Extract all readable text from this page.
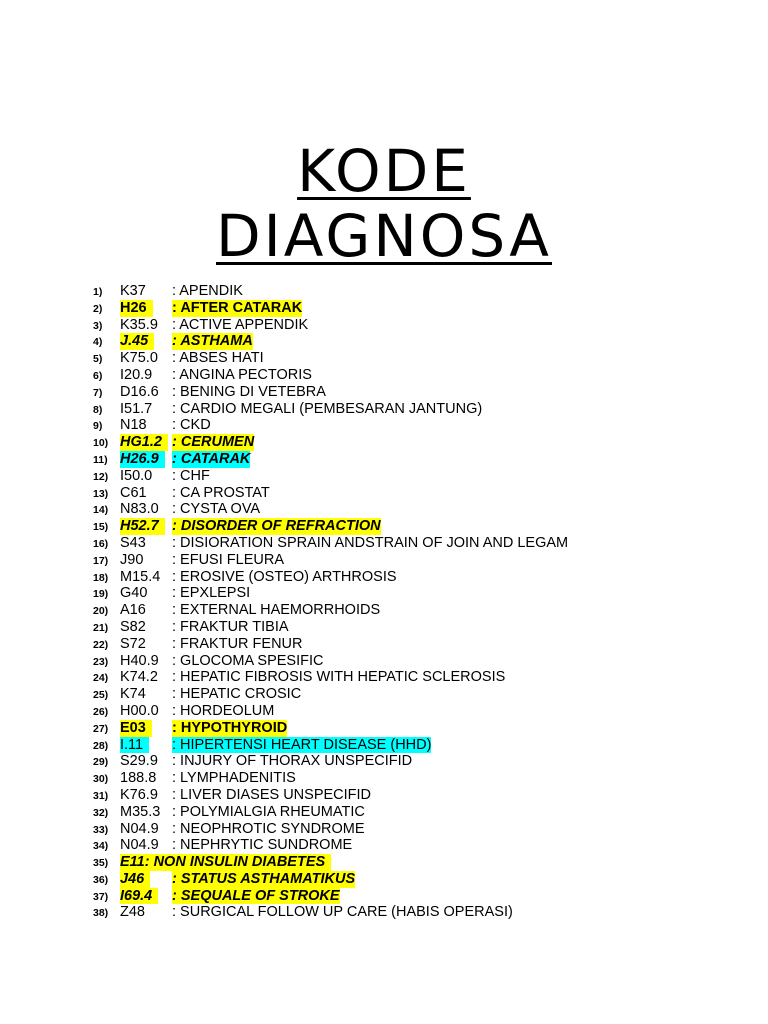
KODE
DIAGNOSA
1)	K37 : APENDIK
2)	H26	: AFTER CATARAK
3)	K35.9 : ACTIVE APPENDIK
4)	J.45	: ASTHAMA
5)	K75.0 : ABSES HATI
6)	I20.9 : ANGINA PECTORIS
7)	D16.6 : BENING DI VETEBRA
8)	I51.7 : CARDIO MEGALI (PEMBESARAN JANTUNG)
9)	N18 : CKD
10) HG1.2 : CERUMEN
11) H26.9 : CATARAK
12) I50.0 : CHF
13) C61 : CA PROSTAT
14) N83.0 : CYSTA OVA
15) H52.7 : DISORDER OF REFRACTION
16) S43 : DISIORATION SPRAIN ANDSTRAIN OF JOIN AND LEGAM
17) J90 : EFUSI FLEURA
18) M15.4 : EROSIVE (OSTEO) ARTHROSIS
19) G40 : EPXLEPSI
20) A16 : EXTERNAL HAEMORRHOIDS
21) S82 : FRAKTUR TIBIA
22) S72 : FRAKTUR FENUR
23) H40.9 : GLOCOMA SPESIFIC
24) K74.2 : HEPATIC FIBROSIS WITH HEPATIC SCLEROSIS
25) K74 : HEPATIC CROSIC
26) H00.0 : HORDEOLUM
27) E03	: HYPOTHYROID
28) I.11	: HIPERTENSI HEART DISEASE (HHD)
29) S29.9 : INJURY OF THORAX UNSPECIFID
30) 188.8 : LYMPHADENITIS
31) K76.9 : LIVER DIASES UNSPECIFID
32) M35.3 : POLYMIALGIA RHEUMATIC
33) N04.9 : NEOPHROTIC SYNDROME
34) N04.9 : NEPHRYTIC SUNDROME
35) E11: NON INSULIN DIABETES
36) J46	: STATUS ASTHAMATIKUS
37) I69.4	: SEQUALE OF STROKE
38) Z48 : SURGICAL FOLLOW UP CARE (HABIS OPERASI)
